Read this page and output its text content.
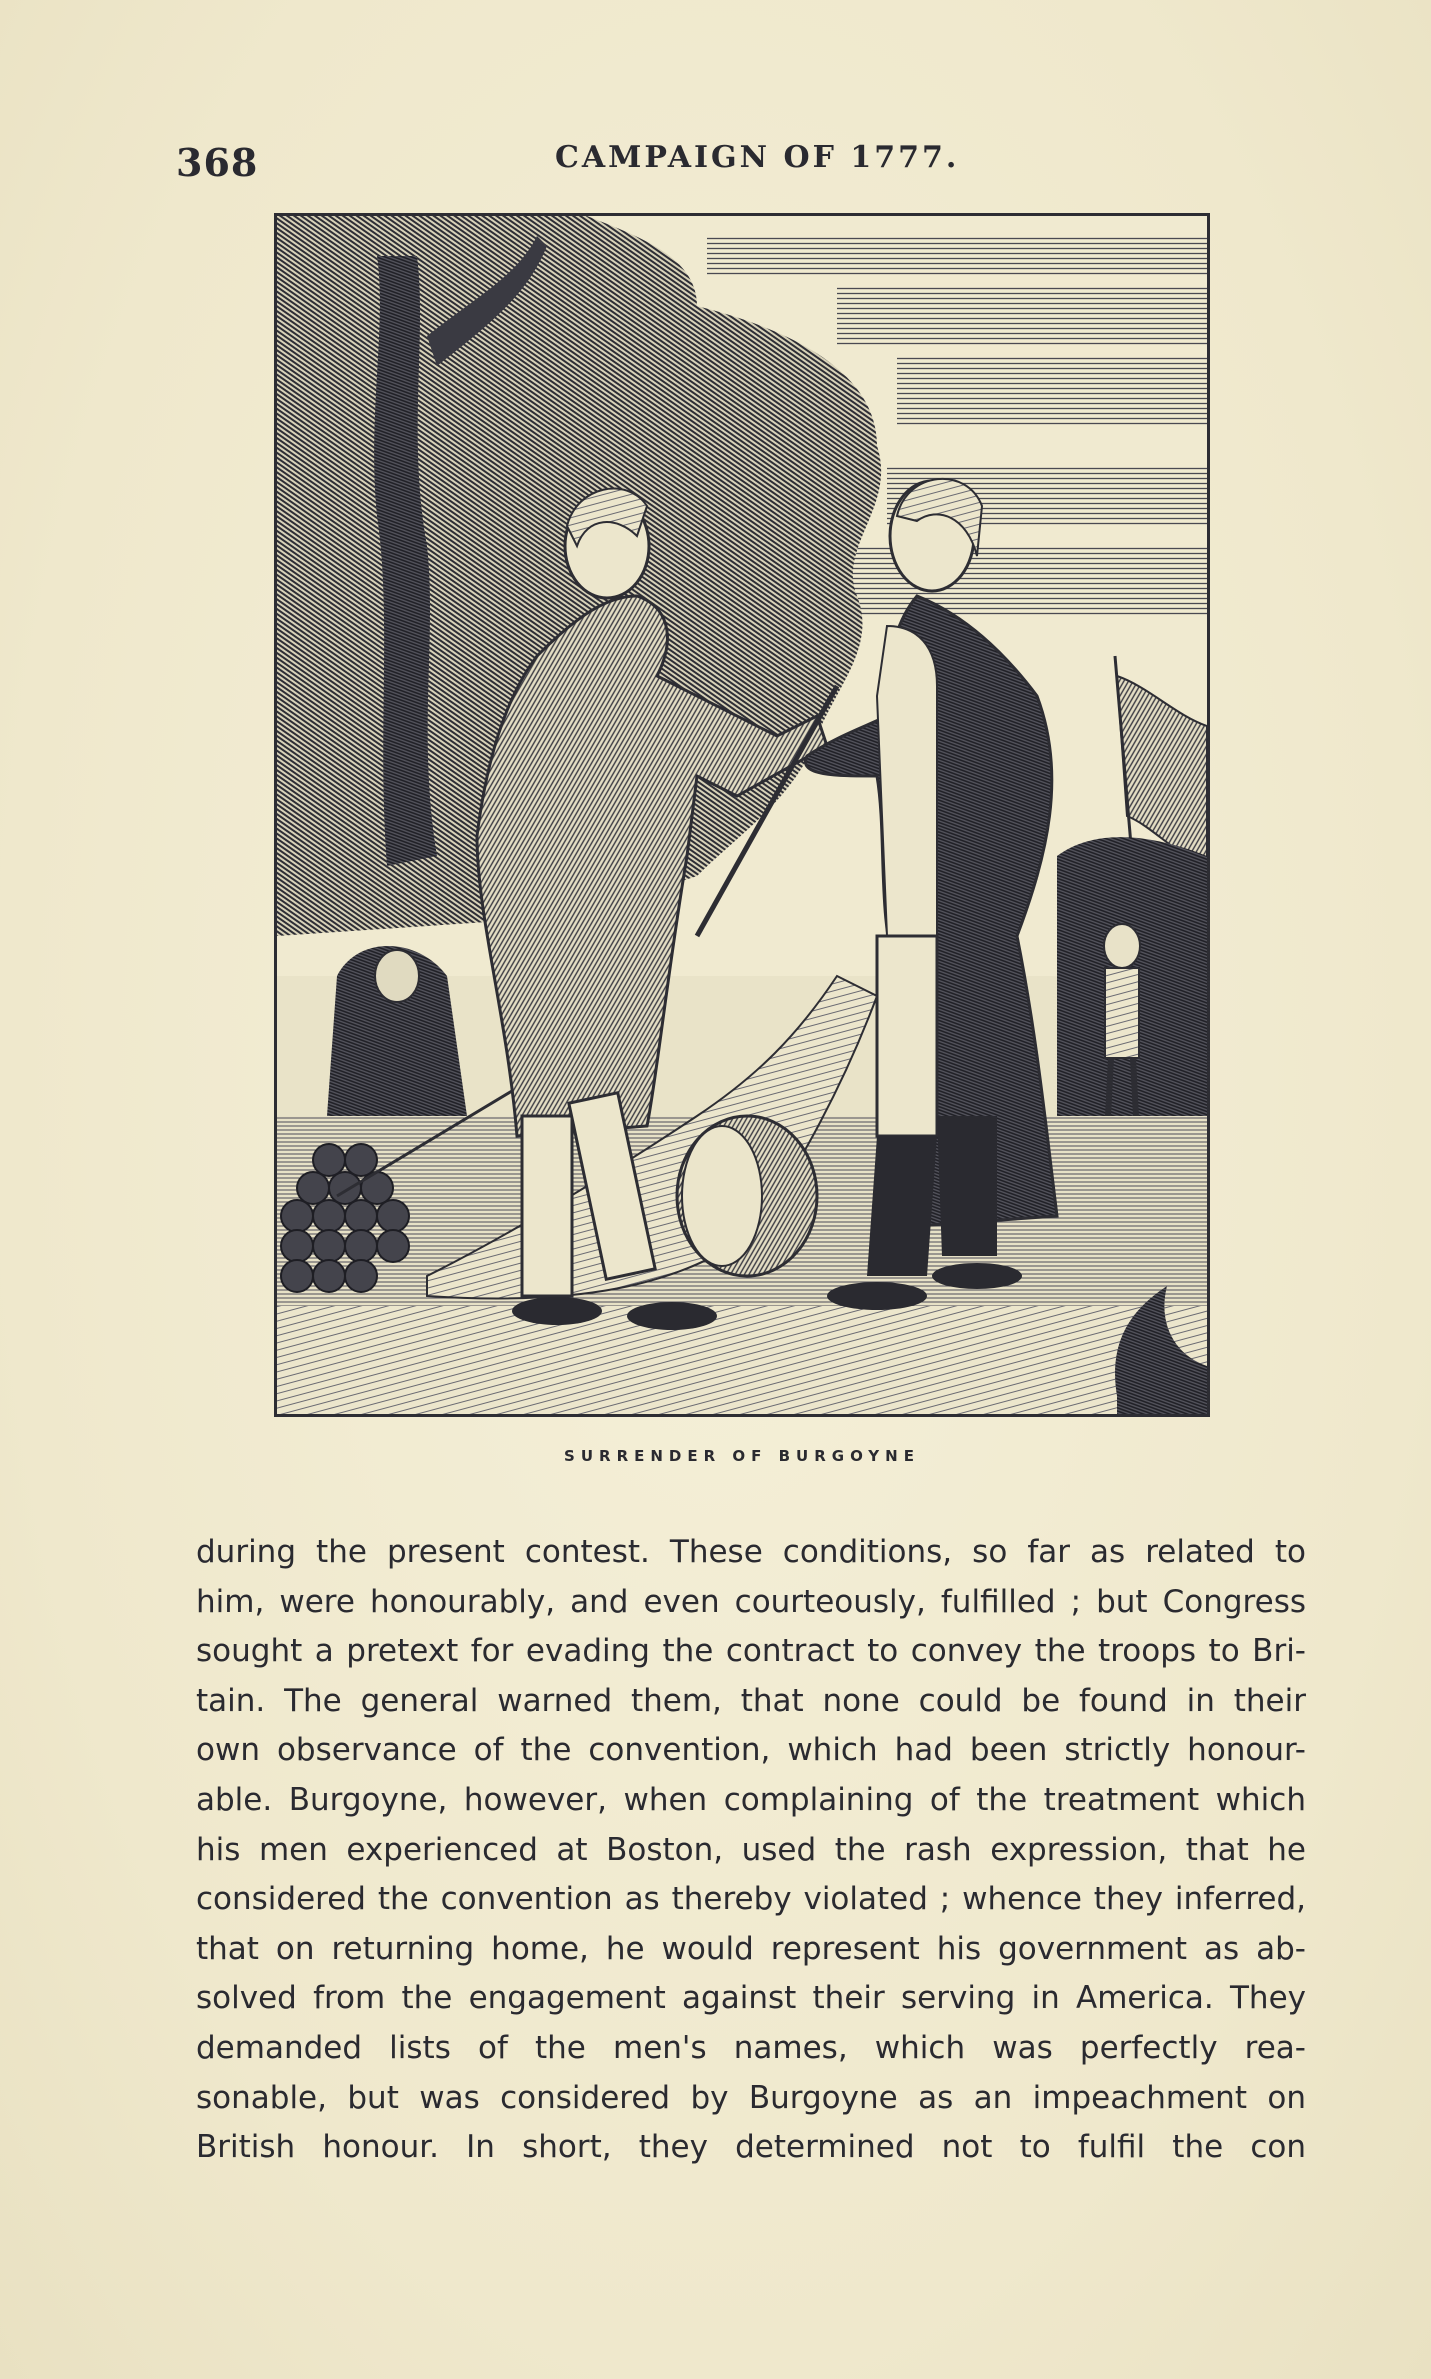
368	CAMPAIGN OF 1777.
SURRENDER OF BURGOYNE
during the present contest. These conditions, so far as related to
him, were honourably, and even courteously, fulfilled ; but Congress
sought a pretext for evading the contract to convey the troops to Bri-
tain. The general warned them, that none could be found in their
own observance of the convention, which had been strictly honour-
able. Burgoyne, however, when complaining of the treatment which
his men experienced at Boston, used the rash expression, that he
considered the convention as thereby violated ; whence they inferred,
that on returning home, he would represent his government as ab-
solved from the engagement against their serving in America. They
demanded lists of the men's names, which was perfectly rea-
sonable, but was considered by Burgoyne as an impeachment on
British honour. In short, they determined not to fulfil the con
